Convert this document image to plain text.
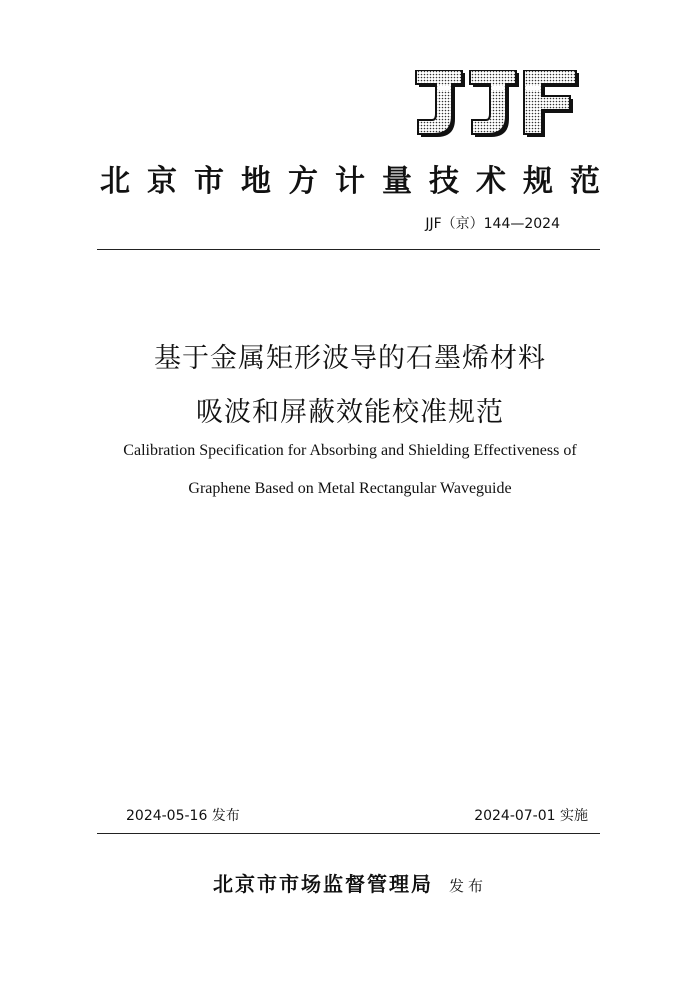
北 京 市 地 方 计 量 技 术 规 范
JJF（京）144—2024
基于金属矩形波导的石墨烯材料
吸波和屏蔽效能校准规范
Calibration Specification for Absorbing and Shielding Effectiveness of
Graphene Based on Metal Rectangular Waveguide
2024-05-16 发布	2024-07-01 实施
北京市市场监督管理局 发布
